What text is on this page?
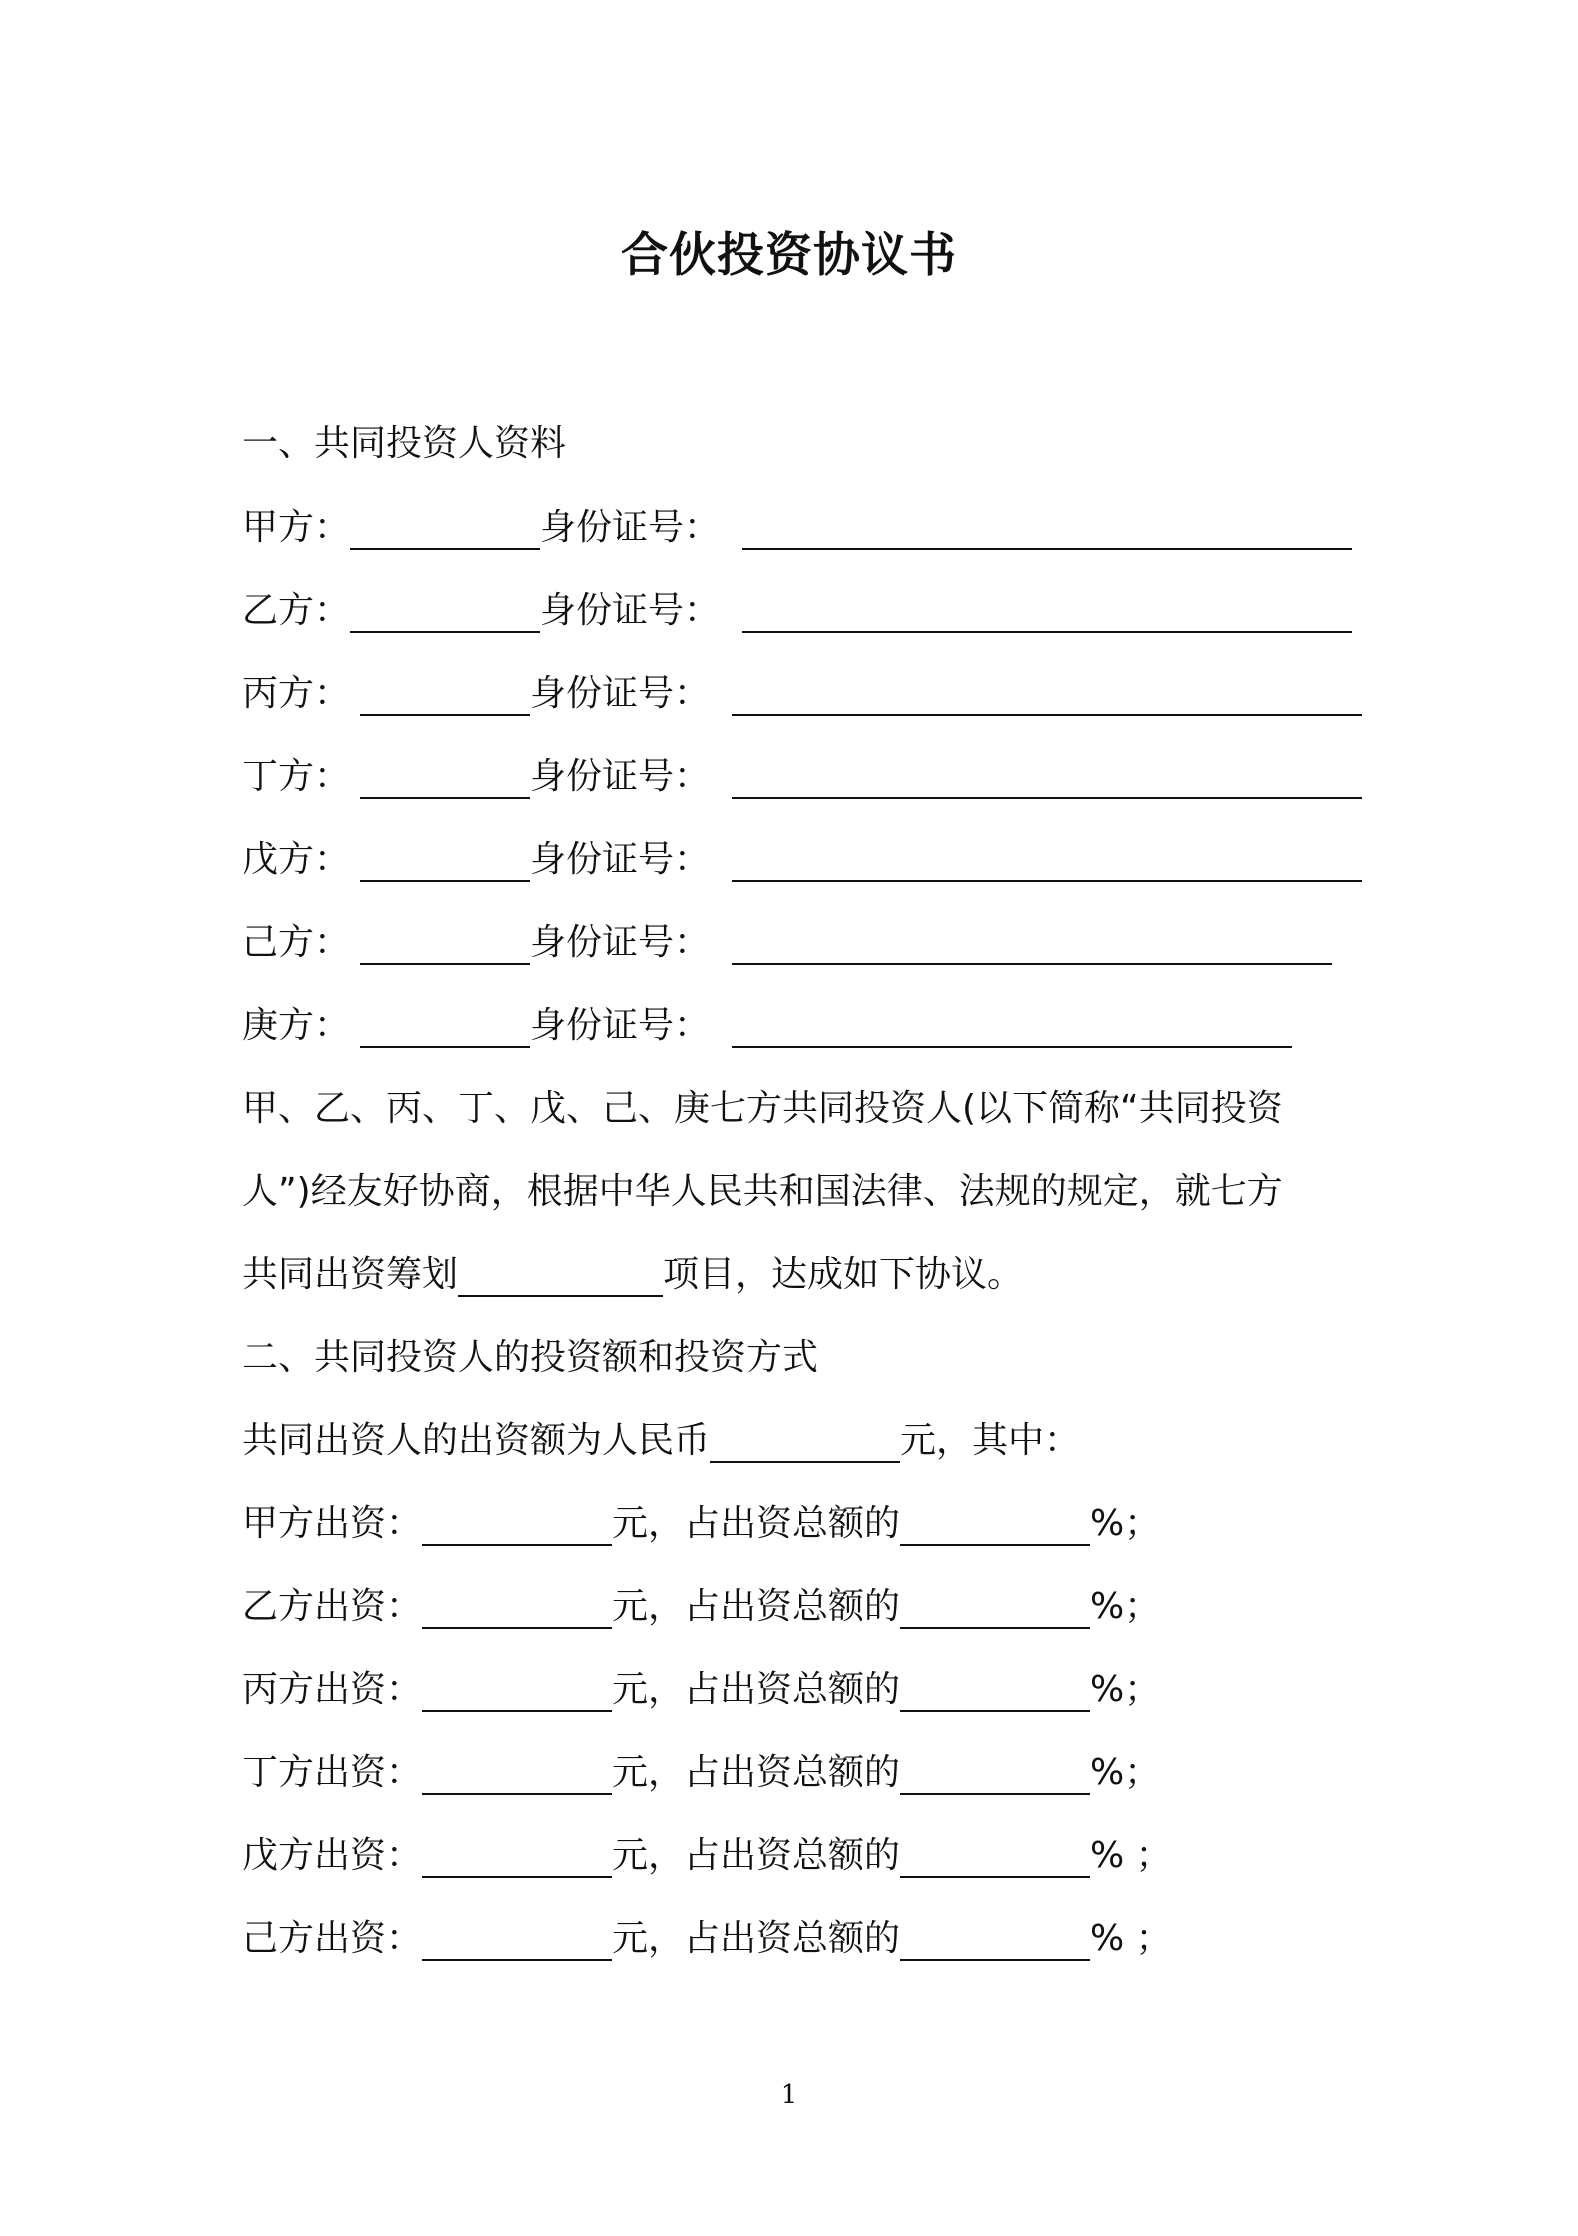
合伙投资协议书
一、共同投资人资料
甲方：	身份证号：
乙方：	身份证号：
丙方：	身份证号：
丁方：	身份证号：
戊方：	身份证号：
己方：	身份证号：
庚方：	身份证号：
甲、乙、丙、丁、戊、己、庚七方共同投资人(以下简称“共同投资
人”)经友好协商，根据中华人民共和国法律、法规的规定，就七方
共同出资筹划	项目，达成如下协议。
二、共同投资人的投资额和投资方式
共同出资人的出资额为人民币	元，其中：
甲方出资：	元，占出资总额的	%；
乙方出资：	元，占出资总额的	%；
丙方出资：	元，占出资总额的	%；
丁方出资：	元，占出资总额的	%；
戊方出资：	元，占出资总额的	% ；
己方出资：	元，占出资总额的	% ；
1
